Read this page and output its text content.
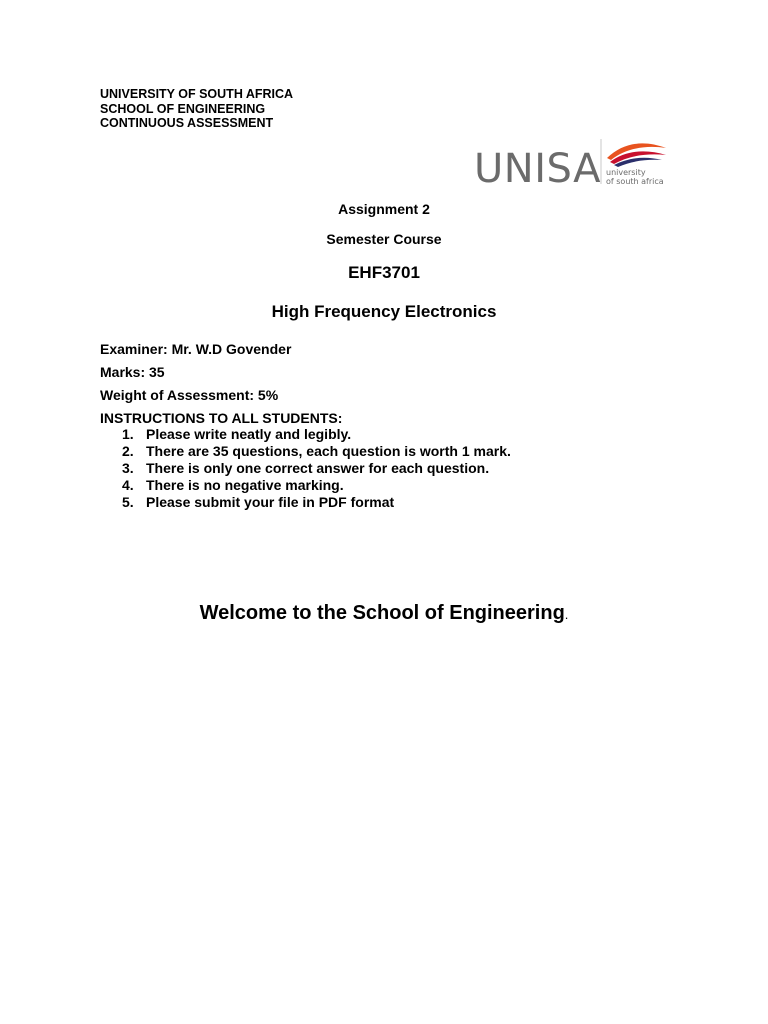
UNIVERSITY OF SOUTH AFRICA
SCHOOL OF ENGINEERING
CONTINUOUS ASSESSMENT
UNISA university
of south africa
Assignment 2
Semester Course
EHF3701
High Frequency Electronics
Examiner: Mr. W.D Govender
Marks: 35
Weight of Assessment: 5%
INSTRUCTIONS TO ALL STUDENTS:
1. Please write neatly and legibly.
2. There are 35 questions, each question is worth 1 mark.
3. There is only one correct answer for each question.
4. There is no negative marking.
5. Please submit your file in PDF format
Welcome to the School of Engineering.
